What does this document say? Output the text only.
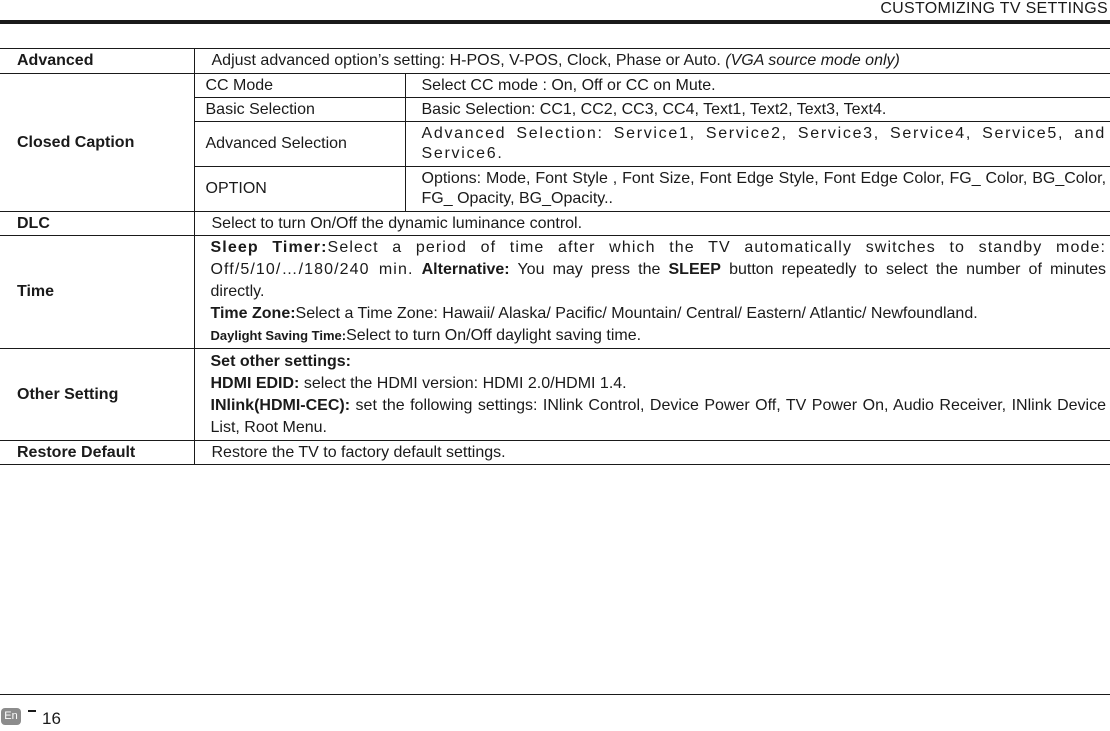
CUSTOMIZING TV SETTINGS
Advanced	Adjust advanced option’s setting: H-POS, V-POS, Clock, Phase or Auto. (VGA source mode only)	
Closed Caption	CC Mode	Select CC mode : On, Off or CC on Mute.
	Basic Selection	Basic Selection: CC1, CC2, CC3, CC4, Text1, Text2, Text3, Text4.
	Advanced Selection	Advanced Selection: Service1, Service2, Service3, Service4, Service5, and Service6.
	OPTION	Options: Mode, Font Style , Font Size, Font Edge Style, Font Edge Color, FG_ Color, BG_Color, FG_ Opacity, BG_Opacity..
DLC	Select to turn On/Off the dynamic luminance control.	
Time	Sleep Timer:Select a period of time after which the TV automatically switches to standby mode: Off/5/10/…/180/240 min. Alternative: You may press the SLEEP button repeatedly to select the number of minutes directly.
Time Zone:Select a Time Zone: Hawaii/ Alaska/ Pacific/ Mountain/ Central/ Eastern/ Atlantic/ Newfoundland.
Daylight Saving Time:Select to turn On/Off daylight saving time.	

Other Setting	Set other settings:
HDMI EDID: select the HDMI version: HDMI 2.0/HDMI 1.4.
INlink(HDMI-CEC): set the following settings: INlink Control, Device Power Off, TV Power On, Audio Receiver, INlink Device List, Root Menu.	

Restore Default	Restore the TV to factory default settings.	
En 16
